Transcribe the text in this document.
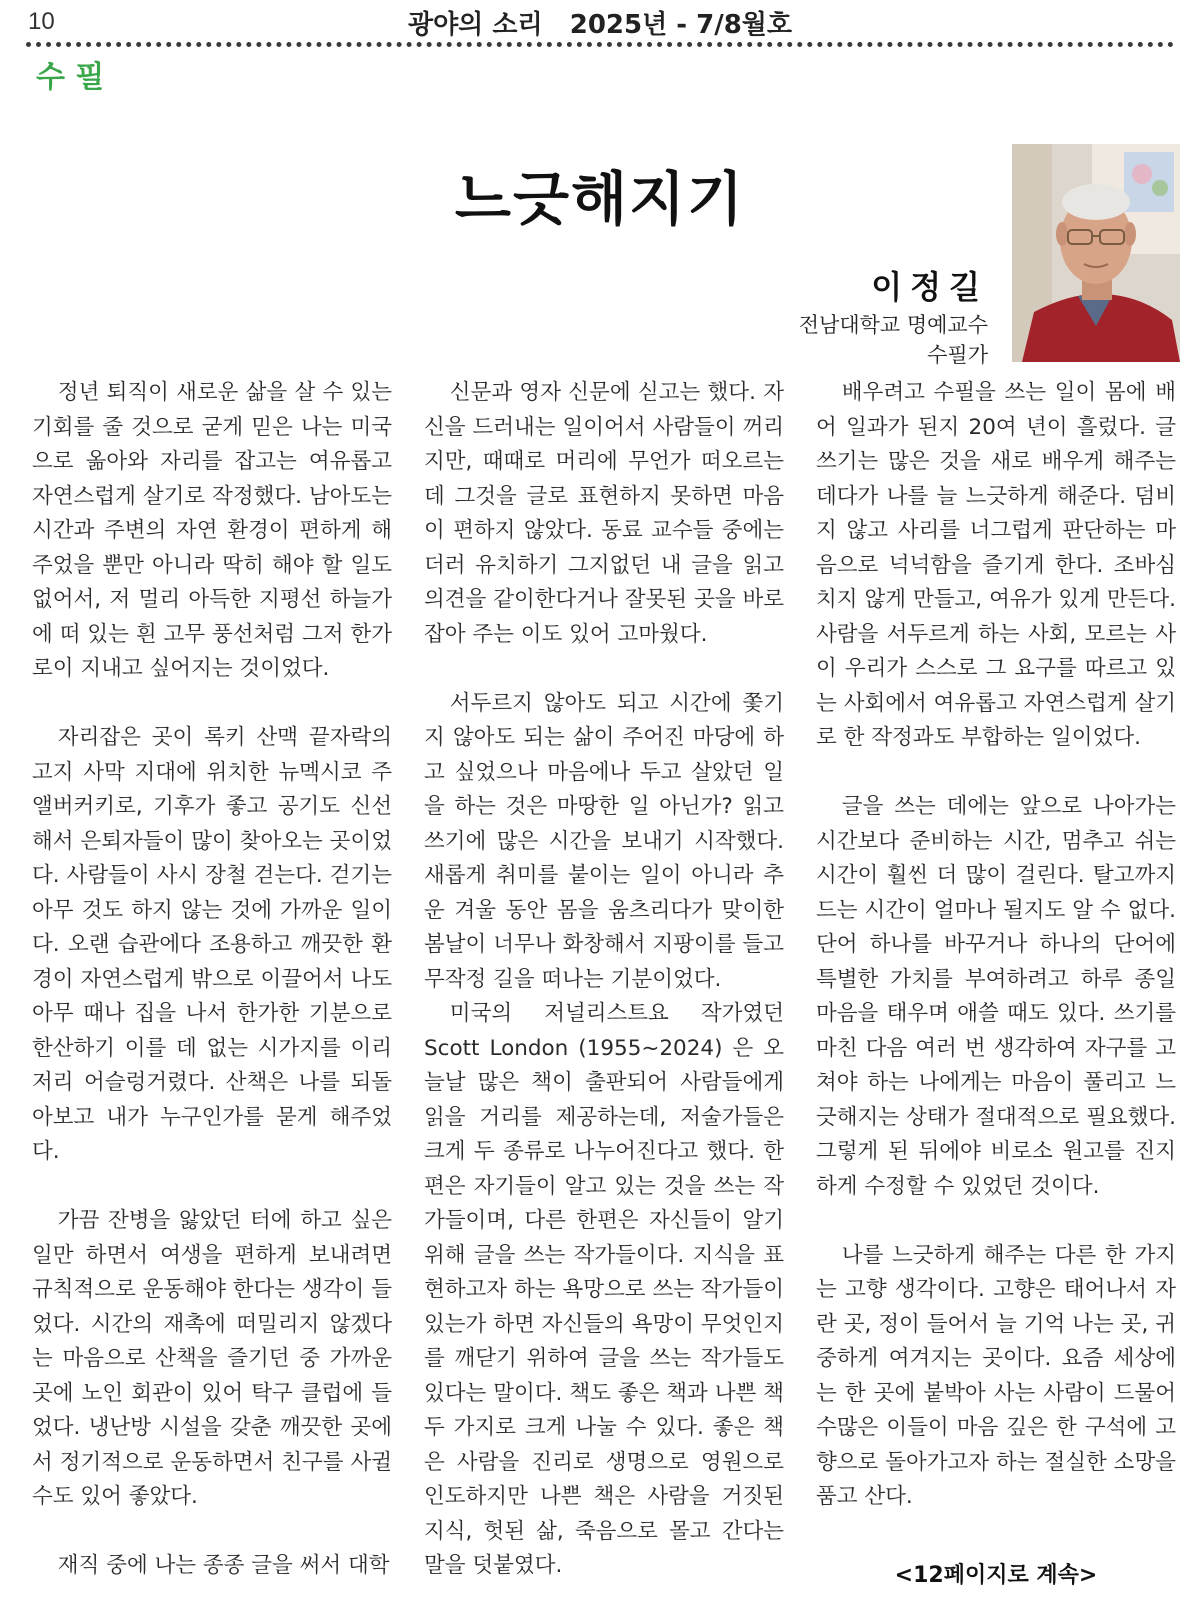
10	광야의 소리   2025년 - 7/8월호
수 필
느긋해지기
이정길
전남대학교 명예교수
수필가

정년 퇴직이 새로운 삶을 살 수 있는 기회를 줄 것으로 굳게 믿은 나는 미국으로 옮아와 자리를 잡고는 여유롭고 자연스럽게 살기로 작정했다. 남아도는 시간과 주변의 자연 환경이 편하게 해주었을 뿐만 아니라 딱히 해야 할 일도 없어서, 저 멀리 아득한 지평선 하늘가에 떠 있는 흰 고무 풍선처럼 그저 한가로이 지내고 싶어지는 것이었다.

자리잡은 곳이 록키 산맥 끝자락의 고지 사막 지대에 위치한 뉴멕시코 주 앨버커키로, 기후가 좋고 공기도 신선해서 은퇴자들이 많이 찾아오는 곳이었다. 사람들이 사시 장철 걷는다. 걷기는 아무 것도 하지 않는 것에 가까운 일이다. 오랜 습관에다 조용하고 깨끗한 환경이 자연스럽게 밖으로 이끌어서 나도 아무 때나 집을 나서 한가한 기분으로 한산하기 이를 데 없는 시가지를 이리저리 어슬렁거렸다. 산책은 나를 되돌아보고 내가 누구인가를 묻게 해주었다.

가끔 잔병을 앓았던 터에 하고 싶은 일만 하면서 여생을 편하게 보내려면 규칙적으로 운동해야 한다는 생각이 들었다. 시간의 재촉에 떠밀리지 않겠다는 마음으로 산책을 즐기던 중 가까운 곳에 노인 회관이 있어 탁구 클럽에 들었다. 냉난방 시설을 갖춘 깨끗한 곳에서 정기적으로 운동하면서 친구를 사귈 수도 있어 좋았다.

재직 중에 나는 종종 글을 써서 대학

신문과 영자 신문에 싣고는 했다. 자신을 드러내는 일이어서 사람들이 꺼리지만, 때때로 머리에 무언가 떠오르는데 그것을 글로 표현하지 못하면 마음이 편하지 않았다. 동료 교수들 중에는 더러 유치하기 그지없던 내 글을 읽고 의견을 같이한다거나 잘못된 곳을 바로잡아 주는 이도 있어 고마웠다.

서두르지 않아도 되고 시간에 쫓기지 않아도 되는 삶이 주어진 마당에 하고 싶었으나 마음에나 두고 살았던 일을 하는 것은 마땅한 일 아닌가? 읽고 쓰기에 많은 시간을 보내기 시작했다. 새롭게 취미를 붙이는 일이 아니라 추운 겨울 동안 몸을 움츠리다가 맞이한 봄날이 너무나 화창해서 지팡이를 들고 무작정 길을 떠나는 기분이었다.

미국의 저널리스트요 작가였던 Scott London (1955~2024) 은 오늘날 많은 책이 출판되어 사람들에게 읽을 거리를 제공하는데, 저술가들은 크게 두 종류로 나누어진다고 했다. 한편은 자기들이 알고 있는 것을 쓰는 작가들이며, 다른 한편은 자신들이 알기 위해 글을 쓰는 작가들이다. 지식을 표현하고자 하는 욕망으로 쓰는 작가들이 있는가 하면 자신들의 욕망이 무엇인지를 깨닫기 위하여 글을 쓰는 작가들도 있다는 말이다. 책도 좋은 책과 나쁜 책 두 가지로 크게 나눌 수 있다. 좋은 책은 사람을 진리로 생명으로 영원으로 인도하지만 나쁜 책은 사람을 거짓된 지식, 헛된 삶, 죽음으로 몰고 간다는 말을 덧붙였다.

배우려고 수필을 쓰는 일이 몸에 배어 일과가 된지 20여 년이 흘렀다. 글쓰기는 많은 것을 새로 배우게 해주는 데다가 나를 늘 느긋하게 해준다. 덤비지 않고 사리를 너그럽게 판단하는 마음으로 넉넉함을 즐기게 한다. 조바심 치지 않게 만들고, 여유가 있게 만든다. 사람을 서두르게 하는 사회, 모르는 사이 우리가 스스로 그 요구를 따르고 있는 사회에서 여유롭고 자연스럽게 살기로 한 작정과도 부합하는 일이었다.

글을 쓰는 데에는 앞으로 나아가는 시간보다 준비하는 시간, 멈추고 쉬는 시간이 훨씬 더 많이 걸린다. 탈고까지 드는 시간이 얼마나 될지도 알 수 없다. 단어 하나를 바꾸거나 하나의 단어에 특별한 가치를 부여하려고 하루 종일 마음을 태우며 애쓸 때도 있다. 쓰기를 마친 다음 여러 번 생각하여 자구를 고쳐야 하는 나에게는 마음이 풀리고 느긋해지는 상태가 절대적으로 필요했다. 그렇게 된 뒤에야 비로소 원고를 진지하게 수정할 수 있었던 것이다.

나를 느긋하게 해주는 다른 한 가지는 고향 생각이다. 고향은 태어나서 자란 곳, 정이 들어서 늘 기억 나는 곳, 귀중하게 여겨지는 곳이다. 요즘 세상에는 한 곳에 붙박아 사는 사람이 드물어 수많은 이들이 마음 깊은 한 구석에 고향으로 돌아가고자 하는 절실한 소망을 품고 산다.

<12페이지로 계속>
